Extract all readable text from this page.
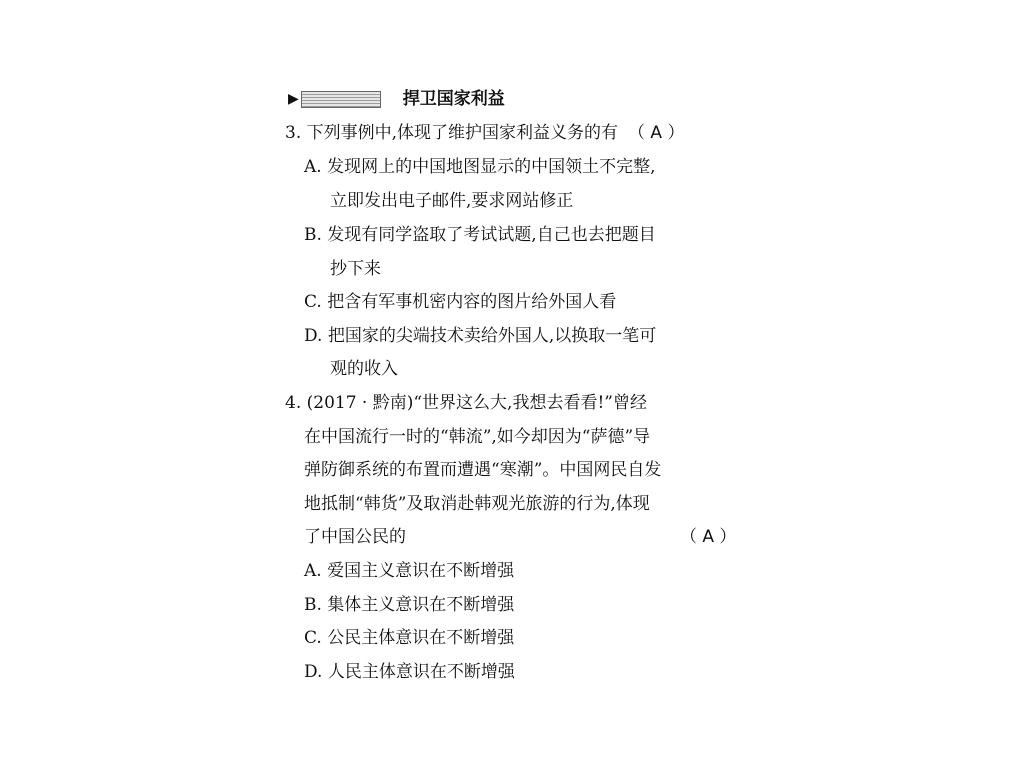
▶	捍卫国家利益
3. 下列事例中,体现了维护国家利益义务的有 （ A ）
A. 发现网上的中国地图显示的中国领土不完整,
立即发出电子邮件,要求网站修正
B. 发现有同学盗取了考试试题,自己也去把题目
抄下来
C. 把含有军事机密内容的图片给外国人看
D. 把国家的尖端技术卖给外国人,以换取一笔可
观的收入
4. (2017 · 黔南)“世界这么大,我想去看看!”曾经
在中国流行一时的“韩流”,如今却因为“萨德”导
弹防御系统的布置而遭遇“寒潮”。中国网民自发
地抵制“韩货”及取消赴韩观光旅游的行为,体现
了中国公民的	（ A ）
A. 爱国主义意识在不断增强
B. 集体主义意识在不断增强
C. 公民主体意识在不断增强
D. 人民主体意识在不断增强
